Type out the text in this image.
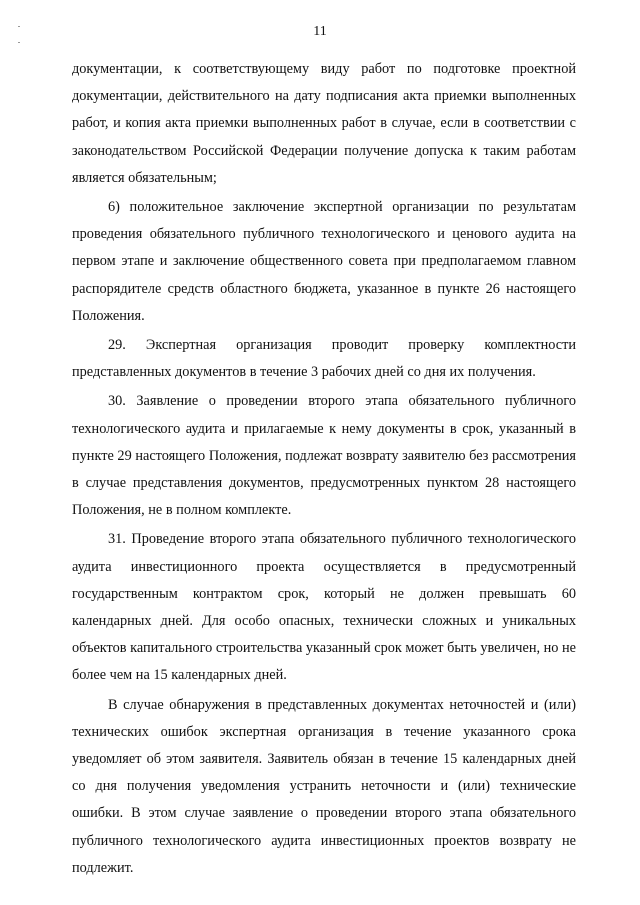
11

документации, к соответствующему виду работ по подготовке проектной документации, действительного на дату подписания акта приемки выполненных работ, и копия акта приемки выполненных работ в случае, если в соответствии с законодательством Российской Федерации получение допуска к таким работам является обязательным;

6) положительное заключение экспертной организации по результатам проведения обязательного публичного технологического и ценового аудита на первом этапе и заключение общественного совета при предполагаемом главном распорядителе средств областного бюджета, указанное в пункте 26 настоящего Положения.

29. Экспертная организация проводит проверку комплектности представленных документов в течение 3 рабочих дней со дня их получения.

30. Заявление о проведении второго этапа обязательного публичного технологического аудита и прилагаемые к нему документы в срок, указанный в пункте 29 настоящего Положения, подлежат возврату заявителю без рассмотрения в случае представления документов, предусмотренных пунктом 28 настоящего Положения, не в полном комплекте.

31. Проведение второго этапа обязательного публичного технологического аудита инвестиционного проекта осуществляется в предусмотренный государственным контрактом срок, который не должен превышать 60 календарных дней. Для особо опасных, технически сложных и уникальных объектов капитального строительства указанный срок может быть увеличен, но не более чем на 15 календарных дней.

В случае обнаружения в представленных документах неточностей и (или) технических ошибок экспертная организация в течение указанного срока уведомляет об этом заявителя. Заявитель обязан в течение 15 календарных дней со дня получения уведомления устранить неточности и (или) технические ошибки. В этом случае заявление о проведении второго этапа обязательного публичного технологического аудита инвестиционных проектов возврату не подлежит.
